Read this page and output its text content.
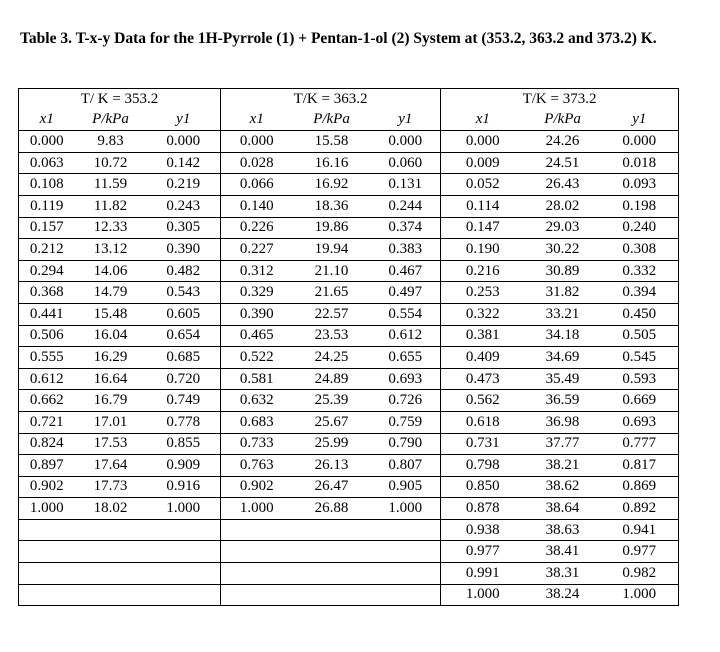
Table 3. T-x-y Data for the 1H-Pyrrole (1) + Pentan-1-ol (2) System at (353.2, 363.2 and 373.2) K.
T/ K = 353.2			T/K = 363.2			T/K = 373.2		
x1	P/kPa	y1	x1	P/kPa	y1	x1	P/kPa	y1
0.000	9.83	0.000	0.000	15.58	0.000	0.000	24.26	0.000
0.063	10.72	0.142	0.028	16.16	0.060	0.009	24.51	0.018
0.108	11.59	0.219	0.066	16.92	0.131	0.052	26.43	0.093
0.119	11.82	0.243	0.140	18.36	0.244	0.114	28.02	0.198
0.157	12.33	0.305	0.226	19.86	0.374	0.147	29.03	0.240
0.212	13.12	0.390	0.227	19.94	0.383	0.190	30.22	0.308
0.294	14.06	0.482	0.312	21.10	0.467	0.216	30.89	0.332
0.368	14.79	0.543	0.329	21.65	0.497	0.253	31.82	0.394
0.441	15.48	0.605	0.390	22.57	0.554	0.322	33.21	0.450
0.506	16.04	0.654	0.465	23.53	0.612	0.381	34.18	0.505
0.555	16.29	0.685	0.522	24.25	0.655	0.409	34.69	0.545
0.612	16.64	0.720	0.581	24.89	0.693	0.473	35.49	0.593
0.662	16.79	0.749	0.632	25.39	0.726	0.562	36.59	0.669
0.721	17.01	0.778	0.683	25.67	0.759	0.618	36.98	0.693
0.824	17.53	0.855	0.733	25.99	0.790	0.731	37.77	0.777
0.897	17.64	0.909	0.763	26.13	0.807	0.798	38.21	0.817
0.902	17.73	0.916	0.902	26.47	0.905	0.850	38.62	0.869
1.000	18.02	1.000	1.000	26.88	1.000	0.878	38.64	0.892
						0.938	38.63	0.941
						0.977	38.41	0.977
						0.991	38.31	0.982
						1.000	38.24	1.000
